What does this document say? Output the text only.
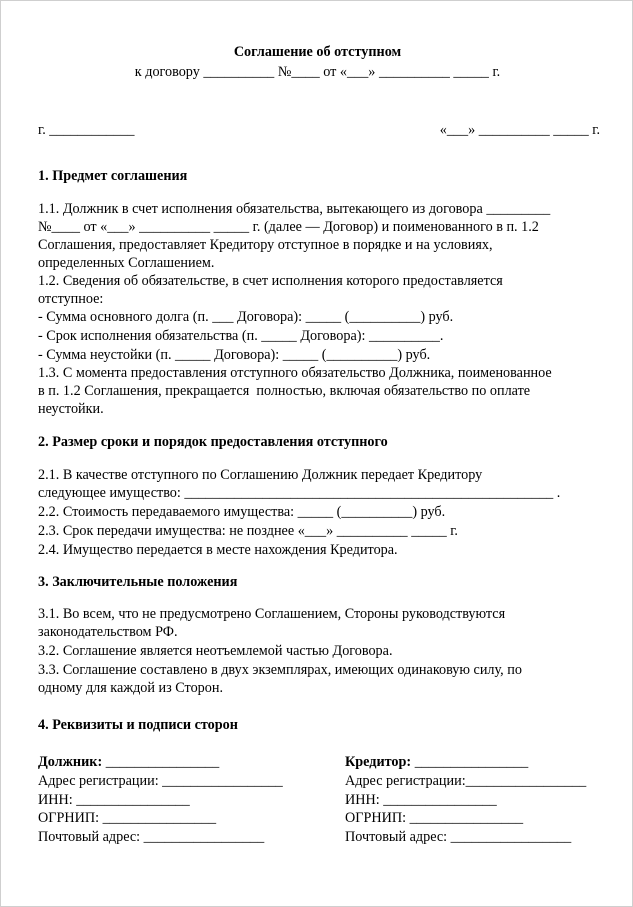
Соглашение об отступном
к договору __________ №____ от «___» __________ _____ г.
г. ____________	«___» __________ _____ г.
1. Предмет соглашения
1.1. Должник в счет исполнения обязательства, вытекающего из договора _________
№____ от «___» __________ _____ г. (далее — Договор) и поименованного в п. 1.2
Соглашения, предоставляет Кредитору отступное в порядке и на условиях,
определенных Соглашением.
1.2. Сведения об обязательстве, в счет исполнения которого предоставляется
отступное:
- Сумма основного долга (п. ___ Договора): _____ (__________) руб.
- Срок исполнения обязательства (п. _____ Договора): __________.
- Сумма неустойки (п. _____ Договора): _____ (__________) руб.
1.3. С момента предоставления отступного обязательство Должника, поименованное
в п. 1.2 Соглашения, прекращается  полностью, включая обязательство по оплате
неустойки.
2. Размер сроки и порядок предоставления отступного
2.1. В качестве отступного по Соглашению Должник передает Кредитору
следующее имущество: ____________________________________________________ .
2.2. Стоимость передаваемого имущества: _____ (__________) руб.
2.3. Срок передачи имущества: не позднее «___» __________ _____ г.
2.4. Имущество передается в месте нахождения Кредитора.
3. Заключительные положения
3.1. Во всем, что не предусмотрено Соглашением, Стороны руководствуются
законодательством РФ.
3.2. Соглашение является неотъемлемой частью Договора.
3.3. Соглашение составлено в двух экземплярах, имеющих одинаковую силу, по
одному для каждой из Сторон.
4. Реквизиты и подписи сторон
Должник: ________________
Адрес регистрации: _________________
ИНН: ________________
ОГРНИП: ________________
Почтовый адрес: _________________
Кредитор: ________________
Адрес регистрации:_________________
ИНН: ________________
ОГРНИП: ________________
Почтовый адрес: _________________
